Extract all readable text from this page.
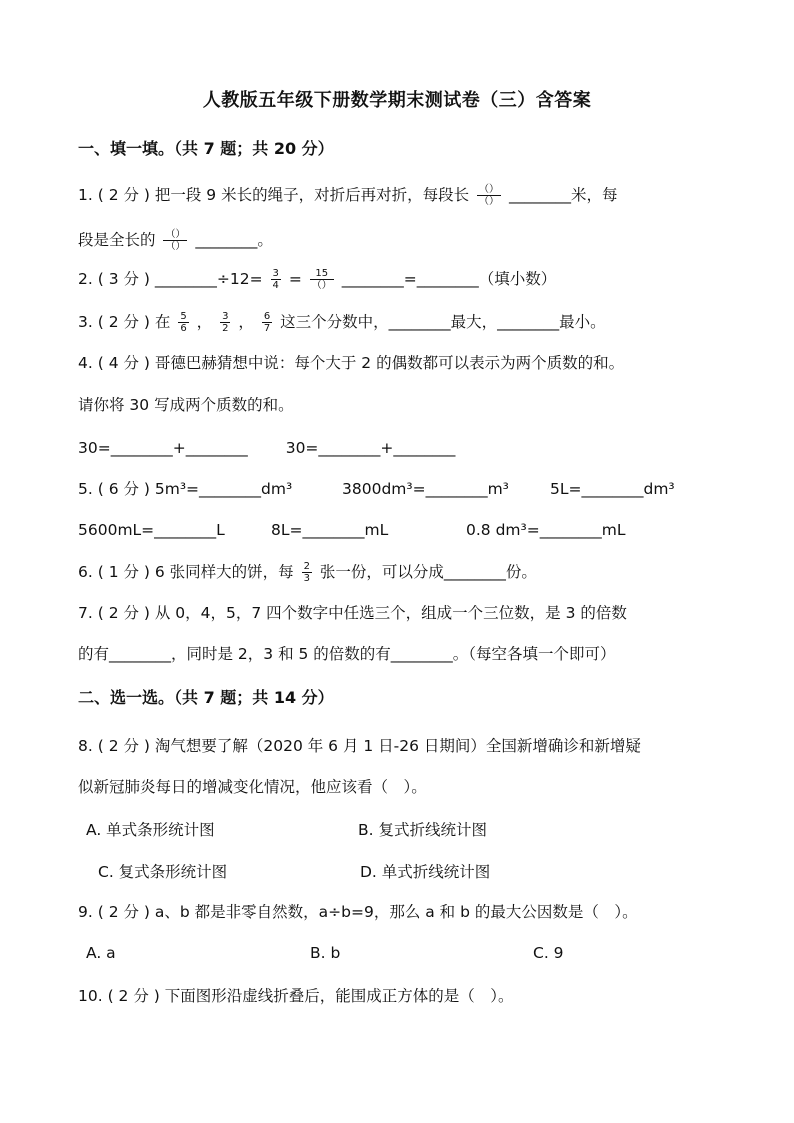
人教版五年级下册数学期末测试卷（三）含答案
一、填一填。（共 7 题；共 20 分）
1. ( 2 分 ) 把一段 9 米长的绳子，对折后再对折，每段长 （）
（） ________米，每
段是全长的 （）
（） ________。
2. ( 3 分 ) ________÷12= $\frac{3}{4}$ =	15
（） ________=________（填小数）
3. ( 2 分 ) 在 $\frac{5}{6}$ ， $\frac{3}{2}$ ， $\frac{6}{7}$ 这三个分数中，________最大，________最小。
4. ( 4 分 ) 哥德巴赫猜想中说：每个大于 2 的偶数都可以表示为两个质数的和。
请你将 30 写成两个质数的和。
30=________+________ 30=________+________
5. ( 6 分 ) 5m³=________dm³	3800dm³=________m³	5L=________dm³
5600mL=________L	8L=________mL	0.8 dm³=________mL
6. ( 1 分 ) 6 张同样大的饼，每 $\frac{2}{3}$ 张一份，可以分成________份。
7. ( 2 分 ) 从 0，4，5，7 四个数字中任选三个，组成一个三位数，是 3 的倍数
的有________，同时是 2，3 和 5 的倍数的有________。（每空各填一个即可）
二、选一选。（共 7 题；共 14 分）
8. ( 2 分 ) 淘气想要了解（2020 年 6 月 1 日-26 日期间）全国新增确诊和新增疑
似新冠肺炎每日的增减变化情况，他应该看（　）。
A. 单式条形统计图	B. 复式折线统计图
C. 复式条形统计图	D. 单式折线统计图
9. ( 2 分 ) a、b 都是非零自然数，a÷b=9，那么 a 和 b 的最大公因数是（　）。
A. a	B. b	C. 9
10. ( 2 分 ) 下面图形沿虚线折叠后，能围成正方体的是（　）。
